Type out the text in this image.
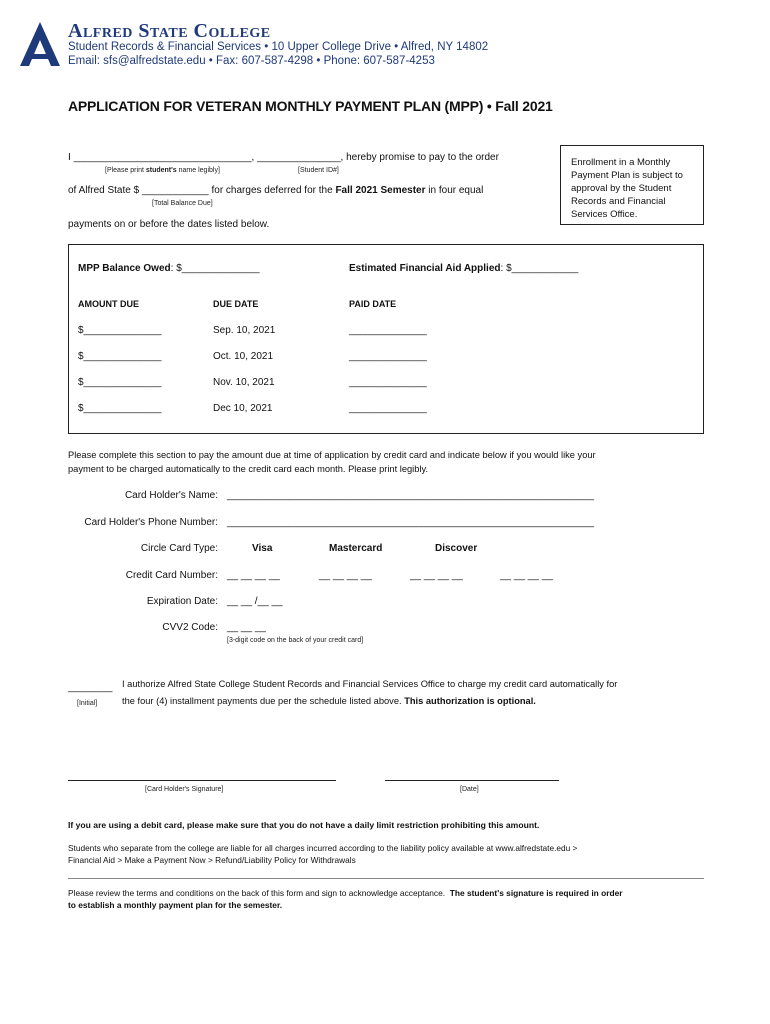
Alfred State College
Student Records & Financial Services • 10 Upper College Drive • Alfred, NY 14802
Email: sfs@alfredstate.edu • Fax: 607-587-4298 • Phone: 607-587-4253
APPLICATION FOR VETERAN MONTHLY PAYMENT PLAN (MPP) • Fall 2021
I ________________________________, _______________, hereby promise to pay to the order
[Please print student's name legibly]	[Student ID#]
of Alfred State $ ____________ for charges deferred for the Fall 2021 Semester in four equal
[Total Balance Due]
payments on or before the dates listed below.
Enrollment in a Monthly Payment Plan is subject to approval by the Student Records and Financial Services Office.
MPP Balance Owed: $______________	Estimated Financial Aid Applied: $____________
AMOUNT DUE	DUE DATE	PAID DATE
$______________	Sep. 10, 2021	______________
$______________	Oct. 10, 2021	______________
$______________	Nov. 10, 2021	______________
$______________	Dec 10, 2021	______________
Please complete this section to pay the amount due at time of application by credit card and indicate below if you would like your
payment to be charged automatically to the credit card each month. Please print legibly.
Card Holder's Name: __________________________________________________________________
Card Holder's Phone Number: __________________________________________________________________
Circle Card Type:	Visa	Mastercard	Discover
Credit Card Number: __ __ __ __	__ __ __ __	__ __ __ __	__ __ __ __
Expiration Date: __ __ /__ __
CVV2 Code: __ __ __
[3-digit code on the back of your credit card]
________
[Initial]
I authorize Alfred State College Student Records and Financial Services Office to charge my credit card automatically for
the four (4) installment payments due per the schedule listed above. This authorization is optional.
[Card Holder's Signature]	[Date]
If you are using a debit card, please make sure that you do not have a daily limit restriction prohibiting this amount.
Students who separate from the college are liable for all charges incurred according to the liability policy available at www.alfredstate.edu >
Financial Aid > Make a Payment Now > Refund/Liability Policy for Withdrawals
Please review the terms and conditions on the back of this form and sign to acknowledge acceptance. The student's signature is required in order
to establish a monthly payment plan for the semester.
